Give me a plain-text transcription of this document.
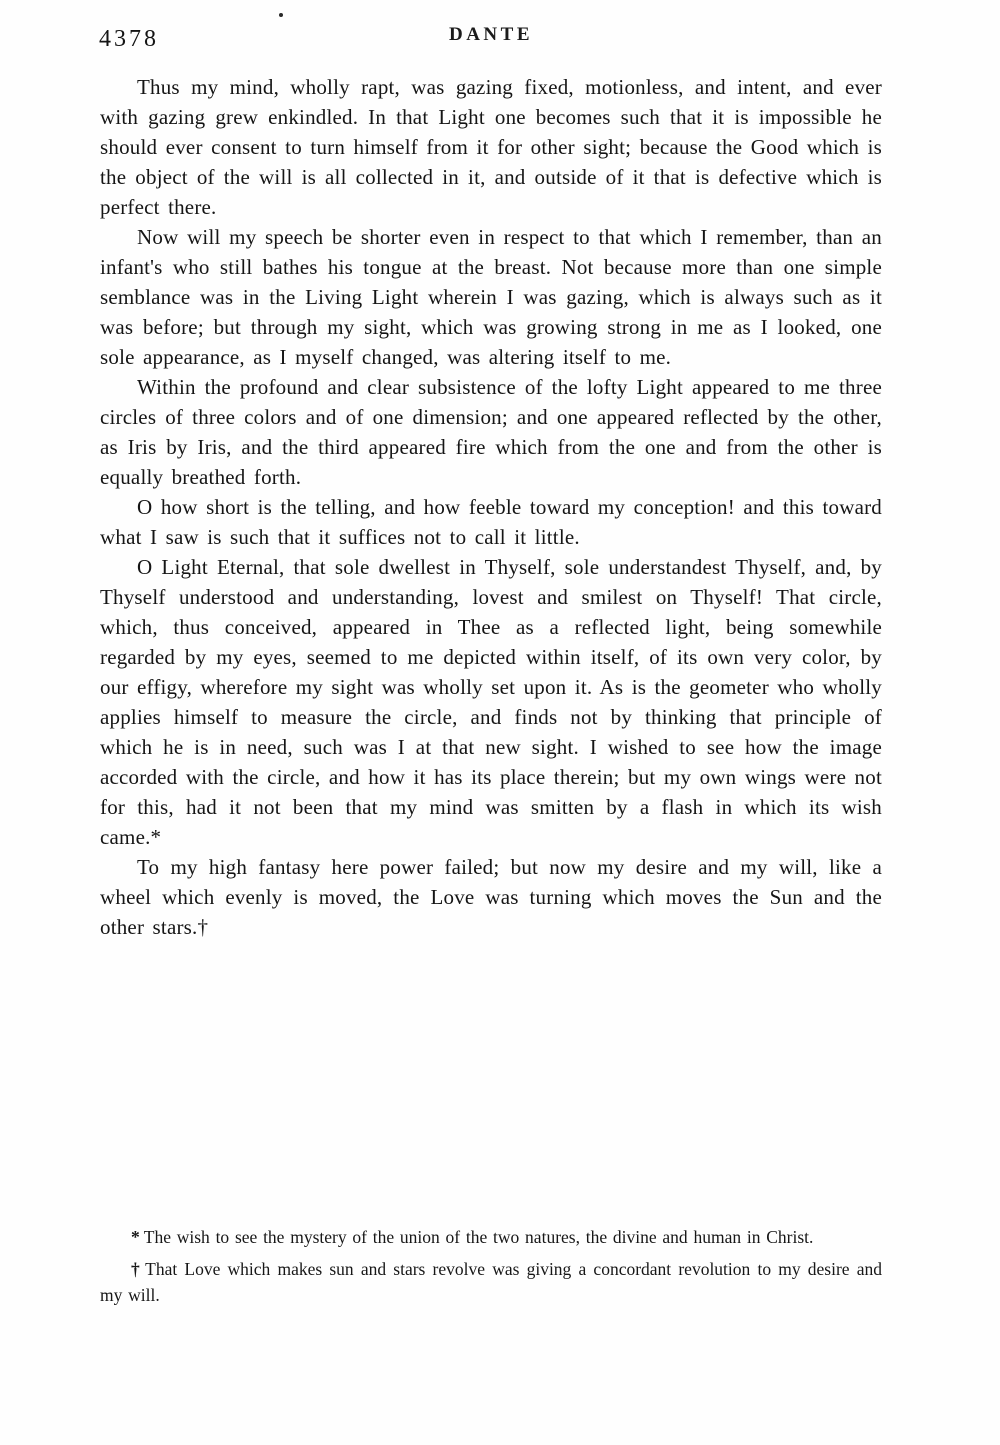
4378	DANTE

Thus my mind, wholly rapt, was gazing fixed, motionless, and intent, and ever with gazing grew enkindled. In that Light one becomes such that it is impossible he should ever consent to turn himself from it for other sight; because the Good which is the object of the will is all collected in it, and outside of it that is defective which is perfect there.

Now will my speech be shorter even in respect to that which I remember, than an infant's who still bathes his tongue at the breast. Not because more than one simple semblance was in the Living Light wherein I was gazing, which is always such as it was before; but through my sight, which was growing strong in me as I looked, one sole appearance, as I myself changed, was altering itself to me.

Within the profound and clear subsistence of the lofty Light appeared to me three circles of three colors and of one dimension; and one appeared reflected by the other, as Iris by Iris, and the third appeared fire which from the one and from the other is equally breathed forth.

O how short is the telling, and how feeble toward my conception! and this toward what I saw is such that it suffices not to call it little.

O Light Eternal, that sole dwellest in Thyself, sole understandest Thyself, and, by Thyself understood and understanding, lovest and smilest on Thyself! That circle, which, thus conceived, appeared in Thee as a reflected light, being somewhile regarded by my eyes, seemed to me depicted within itself, of its own very color, by our effigy, wherefore my sight was wholly set upon it. As is the geometer who wholly applies himself to measure the circle, and finds not by thinking that principle of which he is in need, such was I at that new sight. I wished to see how the image accorded with the circle, and how it has its place therein; but my own wings were not for this, had it not been that my mind was smitten by a flash in which its wish came.*

To my high fantasy here power failed; but now my desire and my will, like a wheel which evenly is moved, the Love was turning which moves the Sun and the other stars.†

* The wish to see the mystery of the union of the two natures, the divine and human in Christ.

† That Love which makes sun and stars revolve was giving a concordant revolution to my desire and my will.
